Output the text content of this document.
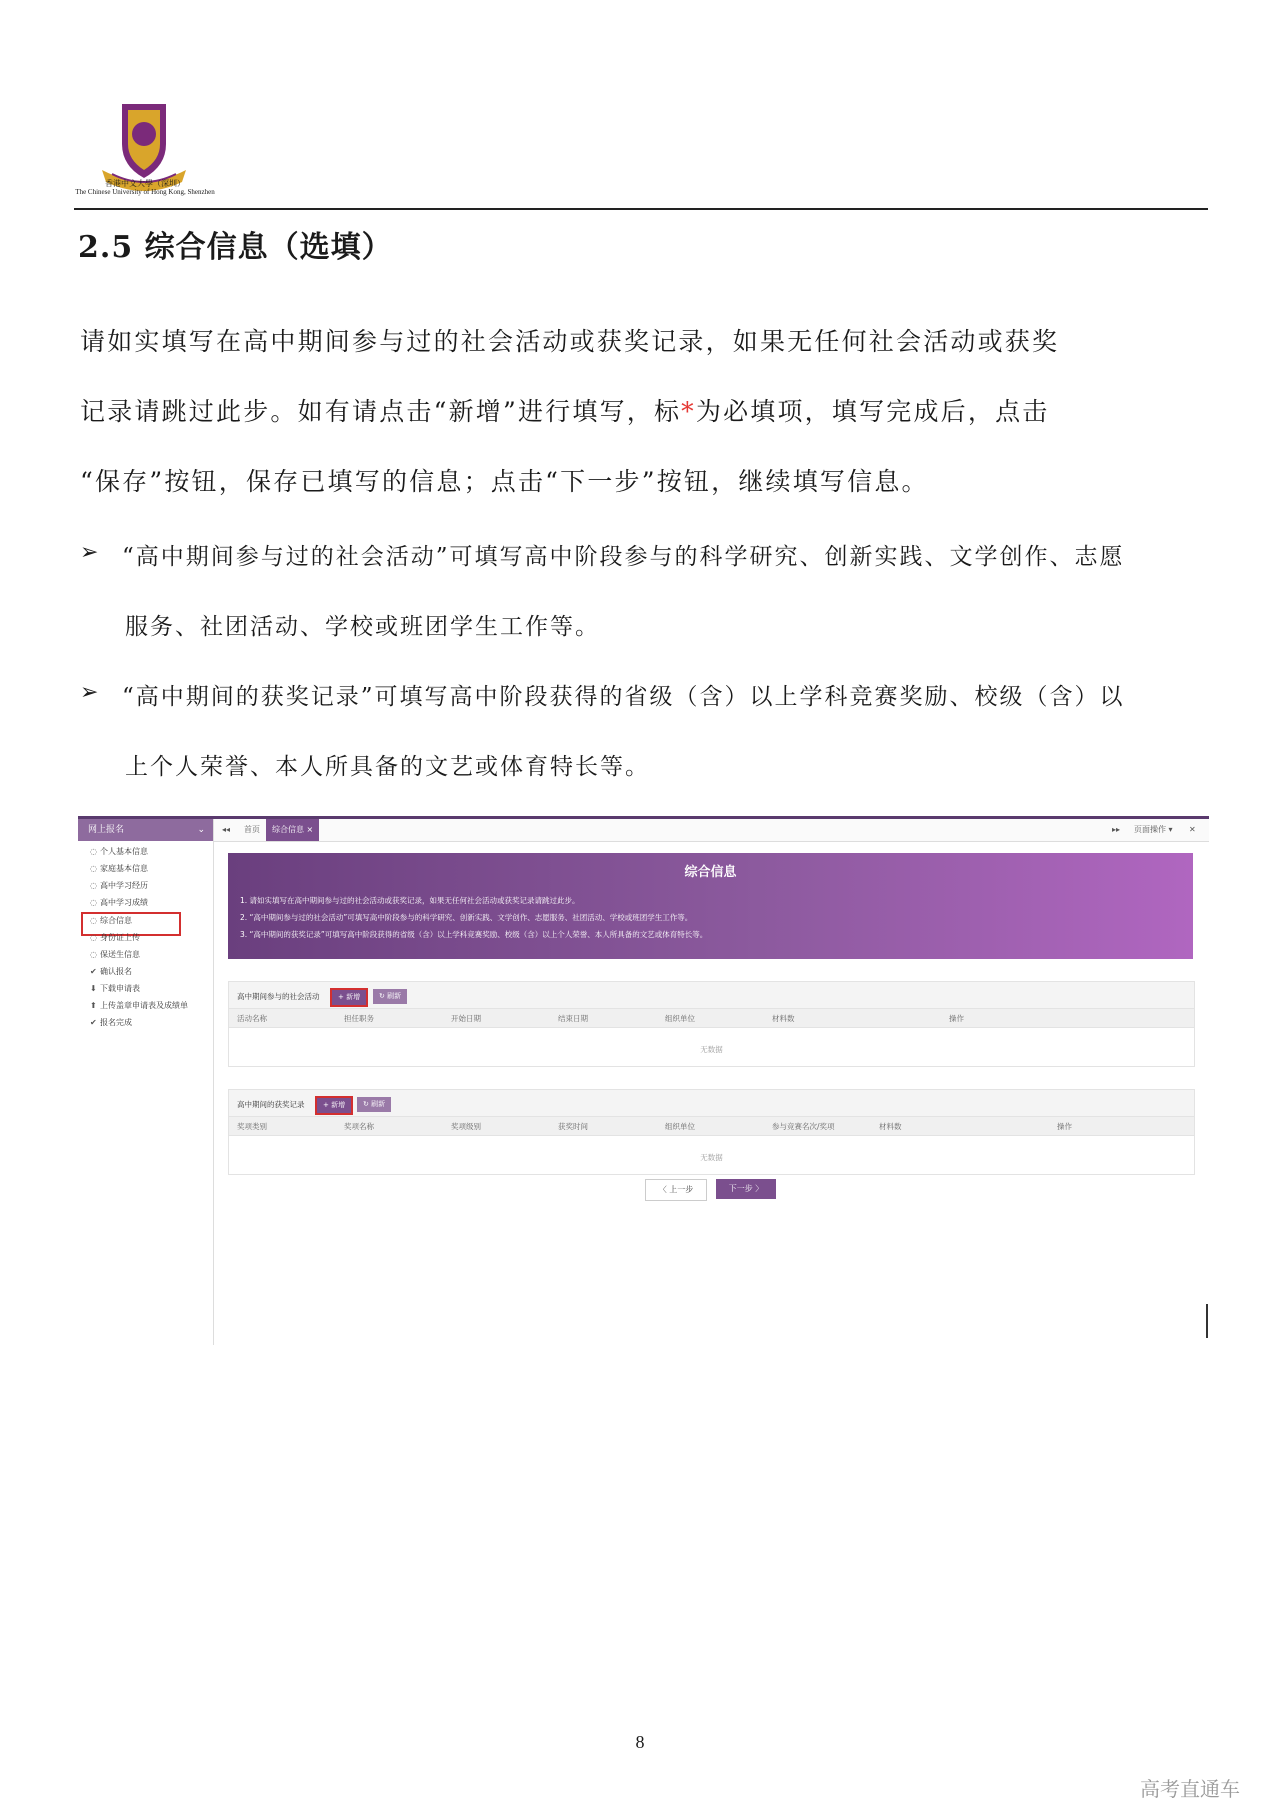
香港中文大學（深圳）
The Chinese University of Hong Kong, Shenzhen
2.5 综合信息（选填）
请如实填写在高中期间参与过的社会活动或获奖记录，如果无任何社会活动或获奖
记录请跳过此步。如有请点击“新增”进行填写，标*为必填项，填写完成后，点击
“保存”按钮，保存已填写的信息；点击“下一步”按钮，继续填写信息。
➢ “高中期间参与过的社会活动”可填写高中阶段参与的科学研究、创新实践、文学创作、志愿
服务、社团活动、学校或班团学生工作等。
➢ “高中期间的获奖记录”可填写高中阶段获得的省级（含）以上学科竞赛奖励、校级（含）以
上个人荣誉、本人所具备的文艺或体育特长等。
网上报名	⌄
◌ 个人基本信息
◌ 家庭基本信息
◌ 高中学习经历
◌ 高中学习成绩
◌ 综合信息
◌ 身份证上传
◌ 保送生信息
✔ 确认报名
⬇ 下载申请表
⬆ 上传盖章申请表及成绩单
✔ 报名完成
◂◂ 首页	综合信息 ×	▸▸ 页面操作 ▾ ✕
综合信息
1. 请如实填写在高中期间参与过的社会活动或获奖记录，如果无任何社会活动或获奖记录请跳过此步。
2. “高中期间参与过的社会活动”可填写高中阶段参与的科学研究、创新实践、文学创作、志愿服务、社团活动、学校或班团学生工作等。
3. “高中期间的获奖记录”可填写高中阶段获得的省级（含）以上学科竞赛奖励、校级（含）以上个人荣誉、本人所具备的文艺或体育特长等。
高中期间参与的社会活动	+ 新增	↻ 刷新
活动名称	担任职务	开始日期	结束日期	组织单位	材料数	操作
无数据
高中期间的获奖记录	+ 新增	↻ 刷新
奖项类别	奖项名称	奖项级别	获奖时间	组织单位	参与竞赛名次/奖项	材料数	操作
无数据
〈 上一步	下一步 〉
8
高考直通车
